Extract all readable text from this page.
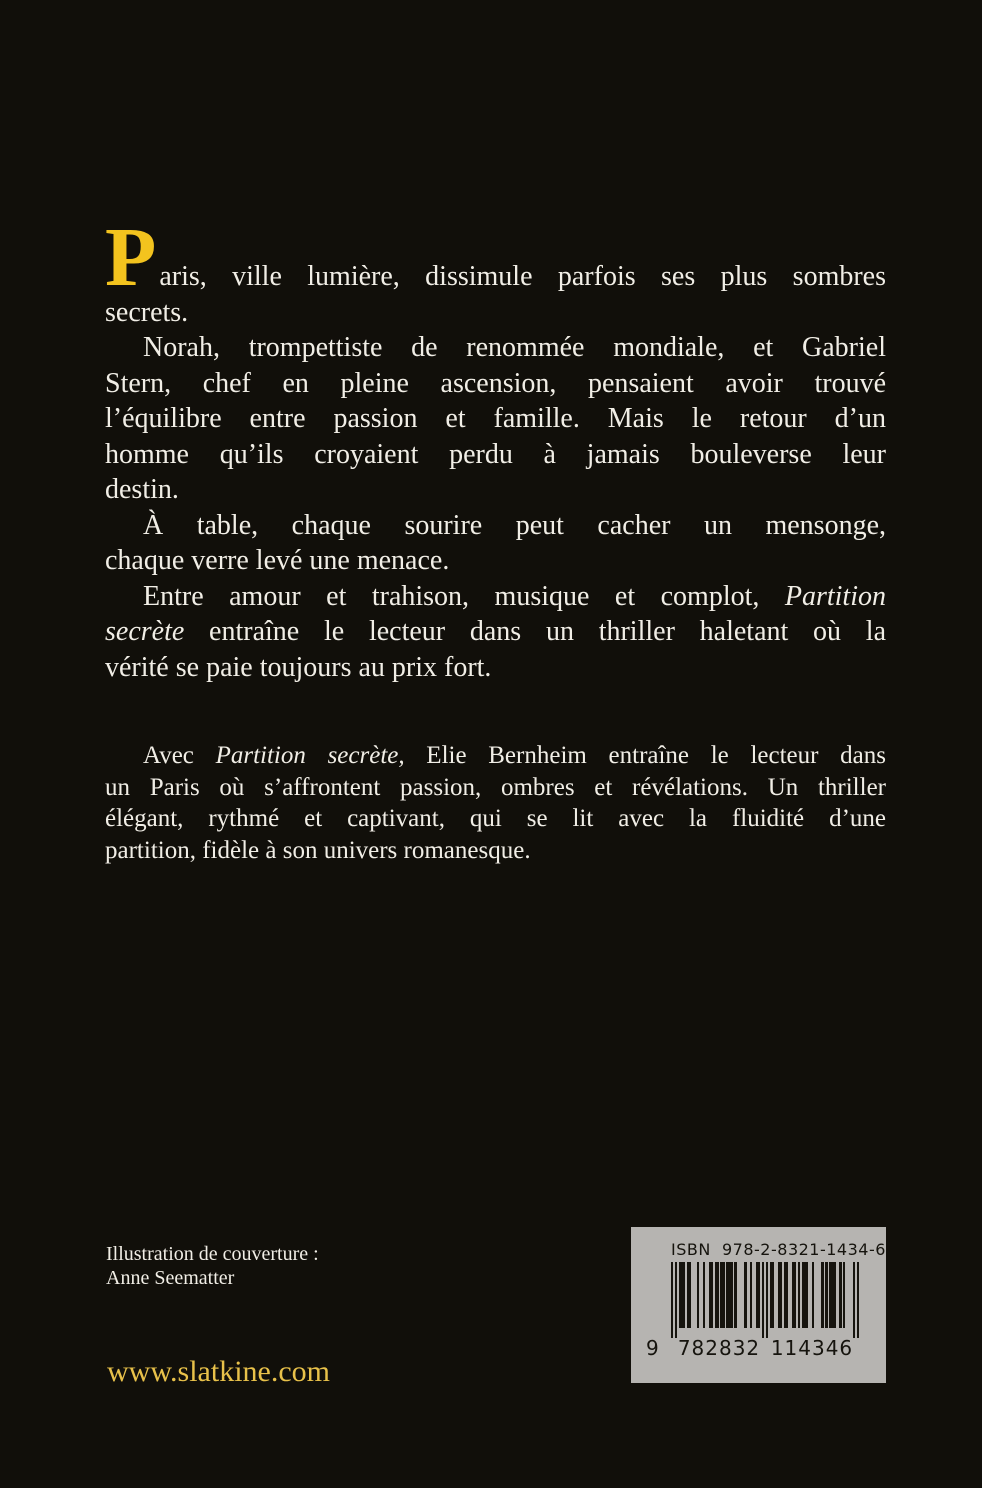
Paris, ville lumière, dissimule parfois ses plus sombres
secrets.
Norah, trompettiste de renommée mondiale, et Gabriel
Stern, chef en pleine ascension, pensaient avoir trouvé
l’équilibre entre passion et famille. Mais le retour d’un
homme qu’ils croyaient perdu à jamais bouleverse leur
destin.
À table, chaque sourire peut cacher un mensonge,
chaque verre levé une menace.
Entre amour et trahison, musique et complot, Partition
secrète entraîne le lecteur dans un thriller haletant où la
vérité se paie toujours au prix fort.
Avec Partition secrète, Elie Bernheim entraîne le lecteur dans
un Paris où s’affrontent passion, ombres et révélations. Un thriller
élégant, rythmé et captivant, qui se lit avec la fluidité d’une
partition, fidèle à son univers romanesque.
Illustration de couverture :
Anne Seematter
www.slatkine.com
ISBN  978-2-8321-1434-6
9 782832 114346
